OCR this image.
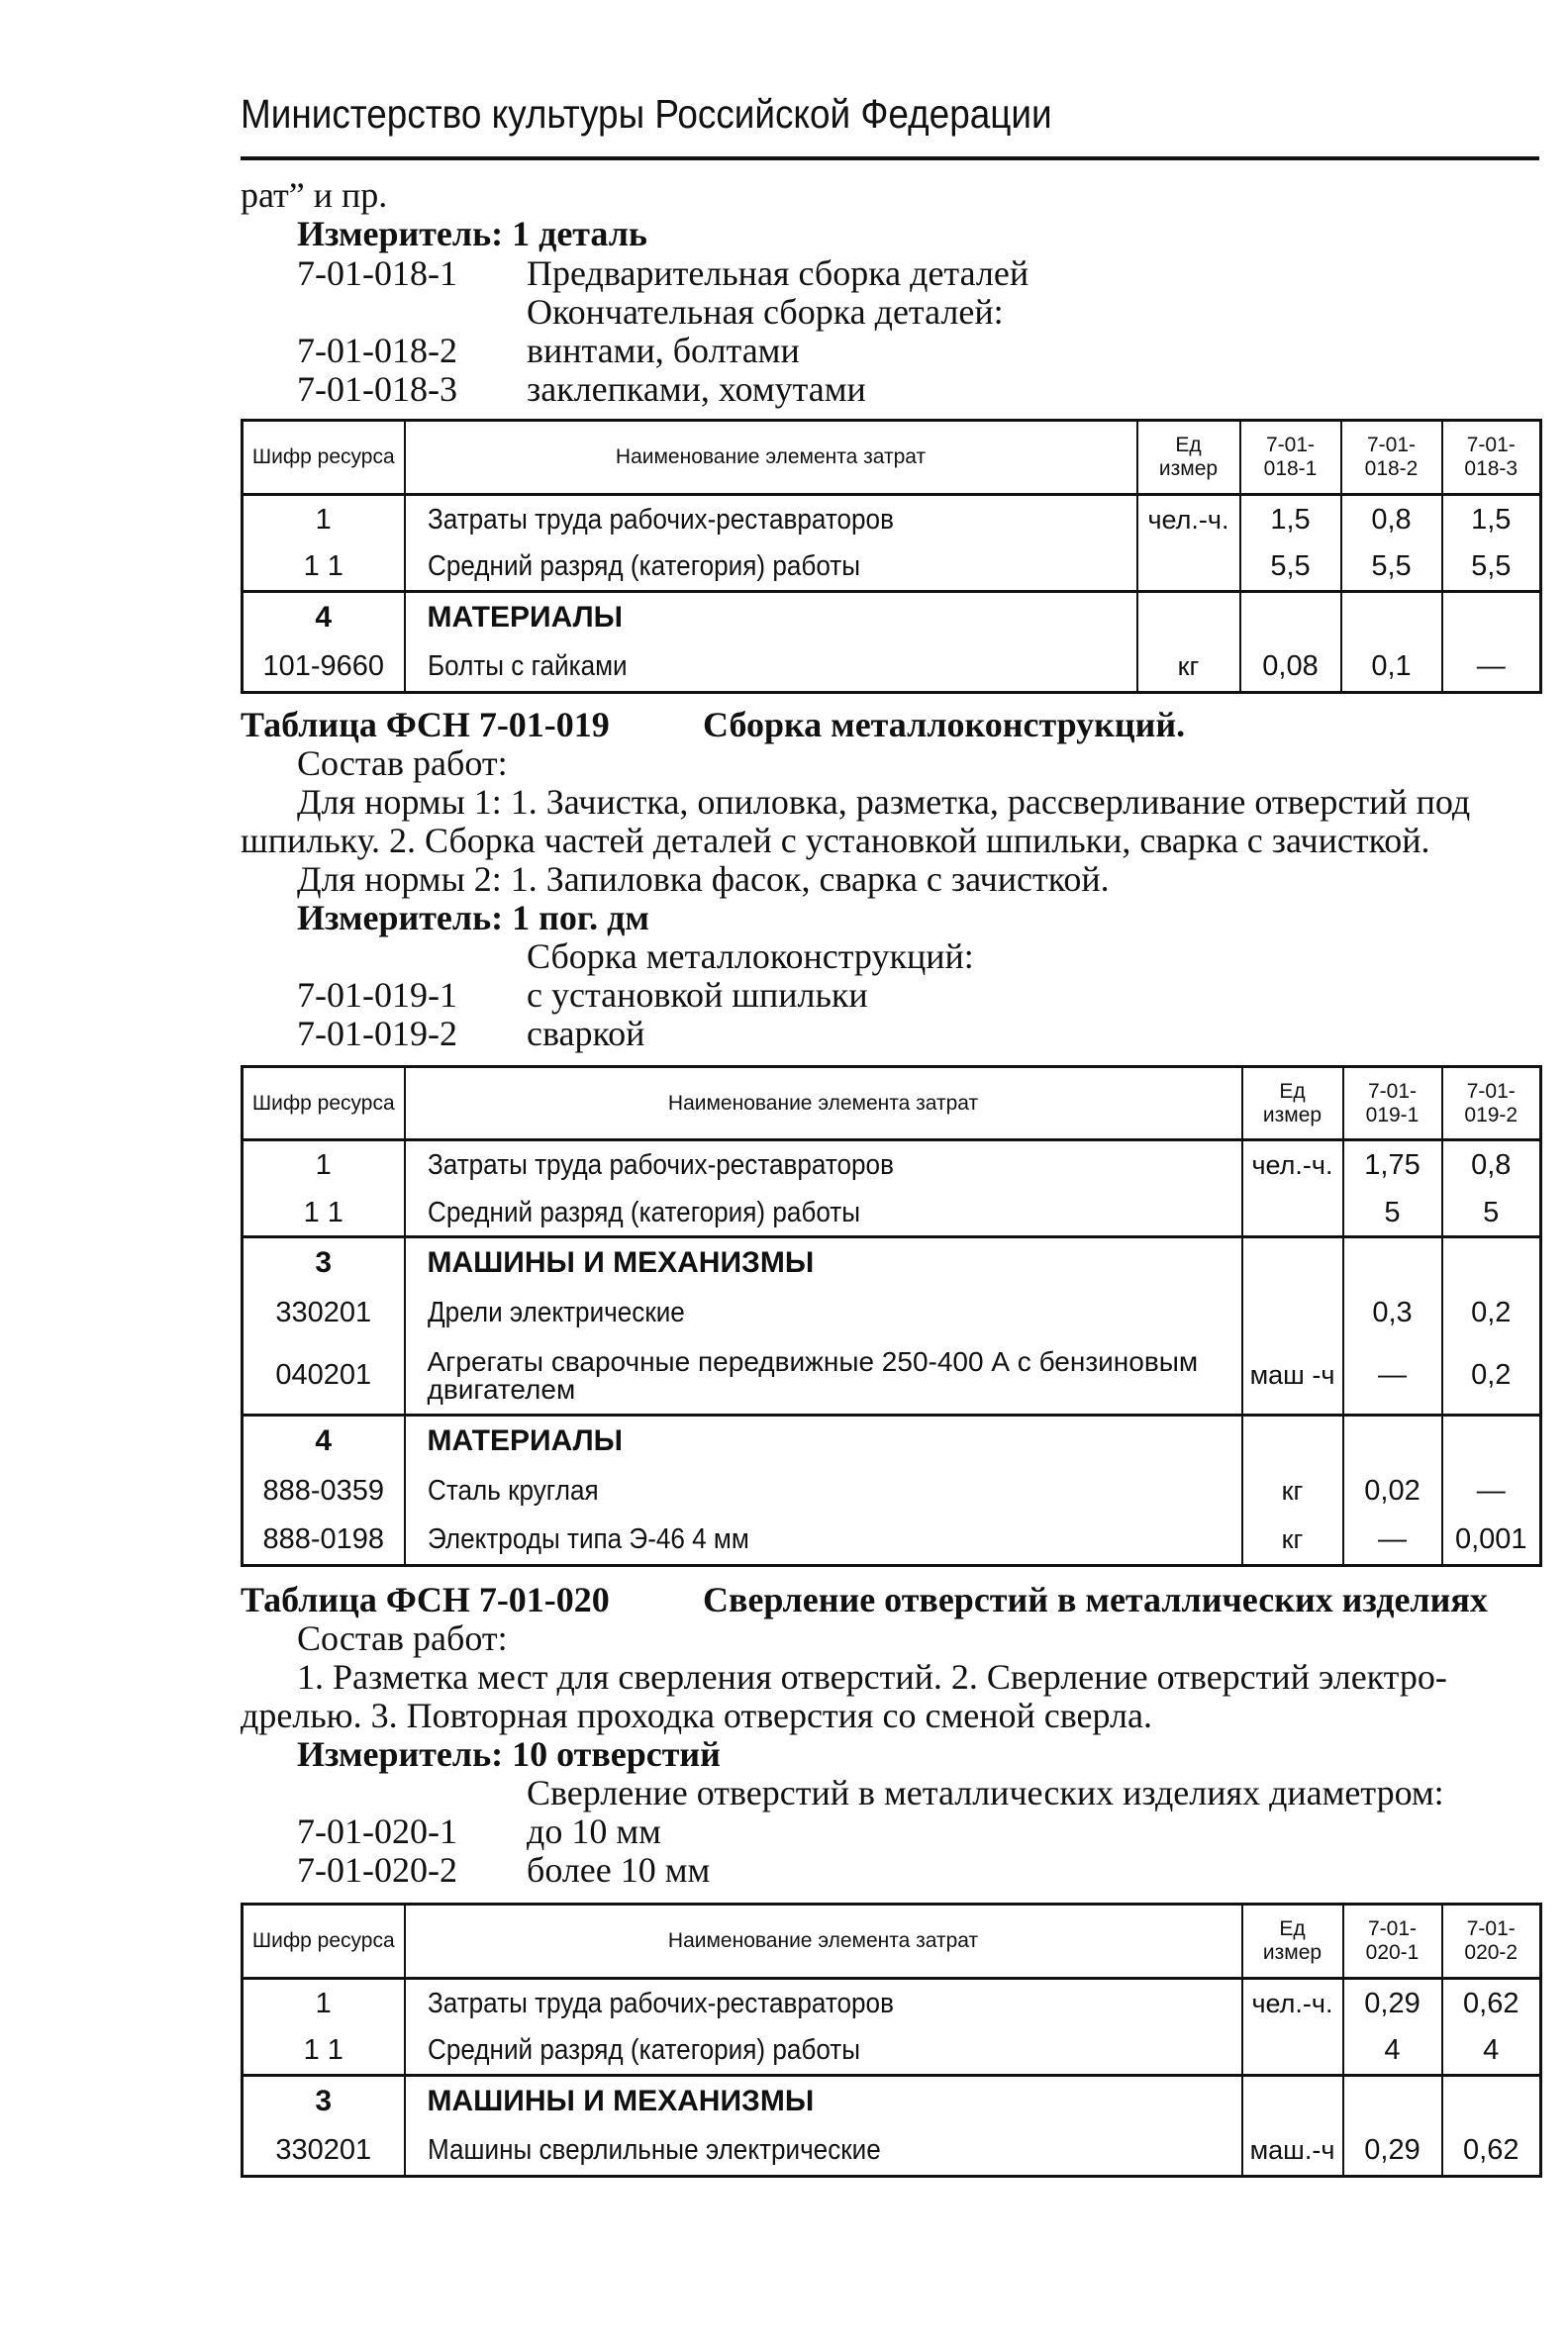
Министерство культуры Российской Федерации
рат” и пр.
Измеритель: 1 деталь
7-01-018-1 Предварительная сборка деталей
Окончательная сборка деталей:
7-01-018-2 винтами, болтами
7-01-018-3 заклепками, хомутами
Шифр ресурса	Наименование элемента затрат	Ед измер	7-01-018-1	7-01-018-2	7-01-018-3
1	Затраты труда рабочих-реставраторов	чел.-ч.	1,5	0,8	1,5
1 1	Средний разряд (категория) работы		5,5	5,5	5,5
4	МАТЕРИАЛЫ				
101-9660	Болты с гайками	кг	0,08	0,1	—
Таблица ФСН 7-01-019	Сборка металлоконструкций.
Состав работ:
Для нормы 1: 1. Зачистка, опиловка, разметка, рассверливание отверстий под
шпильку. 2. Сборка частей деталей с установкой шпильки, сварка с зачисткой.
Для нормы 2: 1. Запиловка фасок, сварка с зачисткой.
Измеритель: 1 пог. дм
Сборка металлоконструкций:
7-01-019-1 с установкой шпильки
7-01-019-2 сваркой
Шифр ресурса	Наименование элемента затрат	Ед измер	7-01-019-1	7-01-019-2
1	Затраты труда рабочих-реставраторов	чел.-ч.	1,75	0,8
1 1	Средний разряд (категория) работы		5	5
3	МАШИНЫ И МЕХАНИЗМЫ			
330201	Дрели электрические		0,3	0,2
040201	Агрегаты сварочные передвижные 250-400 А с бензиновым двигателем	маш -ч	—	0,2
4	МАТЕРИАЛЫ			
888-0359	Сталь круглая	кг	0,02	—
888-0198	Электроды типа Э-46 4 мм	кг	—	0,001
Таблица ФСН 7-01-020	Сверление отверстий в металлических изделиях
Состав работ:
1. Разметка мест для сверления отверстий. 2. Сверление отверстий электро-
дрелью. 3. Повторная проходка отверстия со сменой сверла.
Измеритель: 10 отверстий
Сверление отверстий в металлических изделиях диаметром:
7-01-020-1 до 10 мм
7-01-020-2 более 10 мм
Шифр ресурса	Наименование элемента затрат	Ед измер	7-01-020-1	7-01-020-2
1	Затраты труда рабочих-реставраторов	чел.-ч.	0,29	0,62
1 1	Средний разряд (категория) работы		4	4
3	МАШИНЫ И МЕХАНИЗМЫ			
330201	Машины сверлильные электрические	маш.-ч	0,29	0,62
